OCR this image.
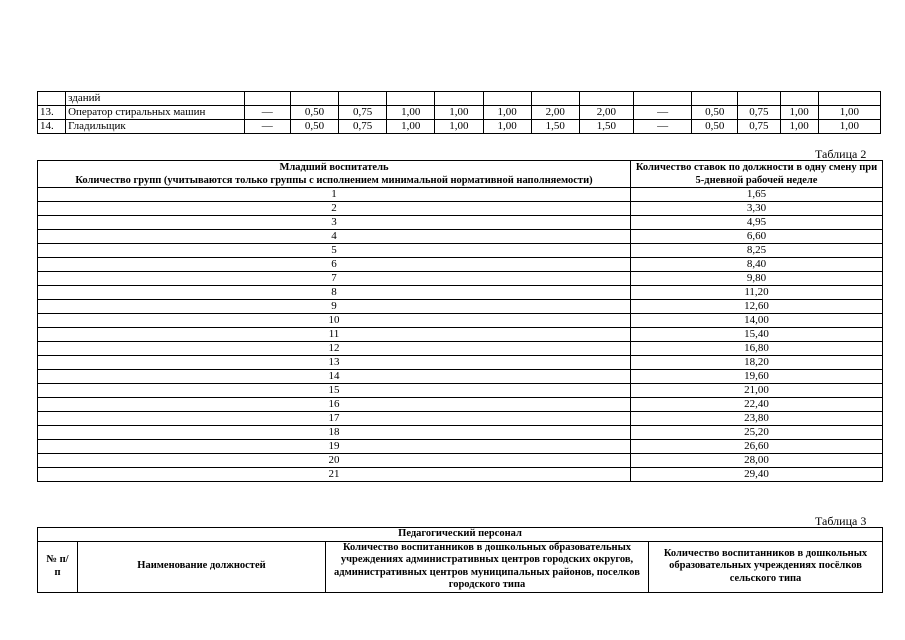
	зданий													
13.	Оператор стиральных машин	—	0,50	0,75	1,00	1,00	1,00	2,00	2,00	—	0,50	0,75	1,00	1,00
14.	Гладильщик	—	0,50	0,75	1,00	1,00	1,00	1,50	1,50	—	0,50	0,75	1,00	1,00
Таблица 2
Младший воспитатель	Количество ставок по должности в одну смену при 5-дневной рабочей неделе
Количество групп (учитываются только группы с исполнением минимальной нормативной наполняемости)	
1	1,65
2	3,30
3	4,95
4	6,60
5	8,25
6	8,40
7	9,80
8	11,20
9	12,60
10	14,00
11	15,40
12	16,80
13	18,20
14	19,60
15	21,00
16	22,40
17	23,80
18	25,20
19	26,60
20	28,00
21	29,40
Таблица 3
Педагогический персонал
№ п/п	Наименование должностей	Количество воспитанников в дошкольных образовательных учреждениях административных центров городских округов, административных центров муниципальных районов, поселков городского типа	Количество воспитанников в дошкольных образовательных учреждениях посёлков сельского типа
